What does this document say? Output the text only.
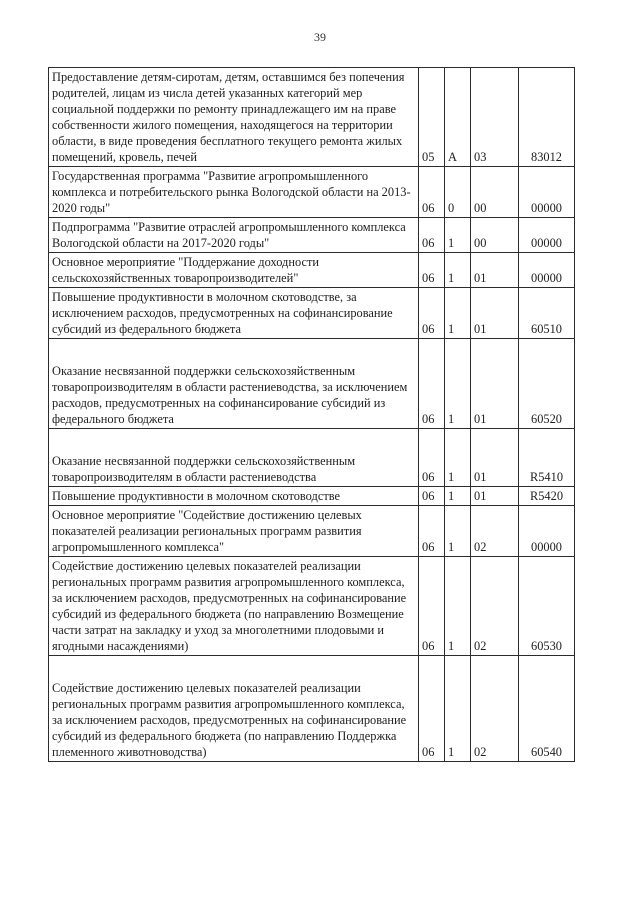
39
Предоставление детям-сиротам, детям, оставшимся без попечения родителей, лицам из числа детей указанных категорий мер социальной поддержки по ремонту принадлежащего им на праве собственности жилого помещения, находящегося на территории области, в виде проведения бесплатного текущего ремонта жилых помещений, кровель, печей	05	А	03	83012
Государственная программа "Развитие агропромышленного комплекса и потребительского рынка Вологодской области на 2013-2020 годы"	06	0	00	00000
Подпрограмма "Развитие отраслей агропромышленного комплекса Вологодской области на 2017-2020 годы"	06	1	00	00000
Основное мероприятие "Поддержание доходности сельскохозяйственных товаропроизводителей"	06	1	01	00000
Повышение продуктивности в молочном скотоводстве, за исключением расходов, предусмотренных на софинансирование субсидий из федерального бюджета	06	1	01	60510
Оказание несвязанной поддержки сельскохозяйственным товаропроизводителям в области растениеводства, за исключением расходов, предусмотренных на софинансирование субсидий из федерального бюджета	06	1	01	60520
Оказание несвязанной поддержки сельскохозяйственным товаропроизводителям в области растениеводства	06	1	01	R5410
Повышение продуктивности в молочном скотоводстве	06	1	01	R5420
Основное мероприятие "Содействие достижению целевых показателей реализации региональных программ развития агропромышленного комплекса"	06	1	02	00000
Содействие достижению целевых показателей реализации региональных программ развития агропромышленного комплекса, за исключением расходов, предусмотренных на софинансирование субсидий из федерального бюджета (по направлению Возмещение части затрат на закладку и уход за многолетними плодовыми и ягодными насаждениями)	06	1	02	60530
Содействие достижению целевых показателей реализации региональных программ развития агропромышленного комплекса, за исключением расходов, предусмотренных на софинансирование субсидий из федерального бюджета (по направлению Поддержка племенного животноводства)	06	1	02	60540
